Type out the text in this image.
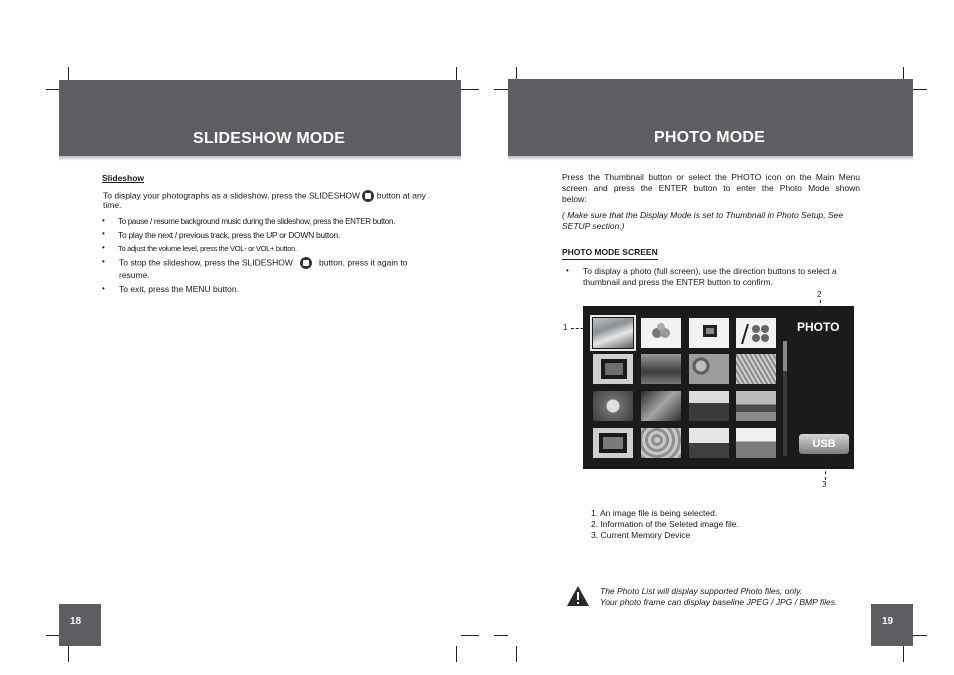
SLIDESHOW MODE
Slideshow
To display your photographs as a slideshow, press the SLIDESHOW button at any
time.
• To pause / resume background music during the slideshow, press the ENTER button.
• To play the next / previous track, press the UP or DOWN button.
• To adjust the volume level, press the VOL- or VOL+ button.
• To stop the slideshow, press the SLIDESHOW	button, press it again to
resume.
• To exit, press the MENU button.
18
PHOTO MODE
Press the Thumbnail button or select the PHOTO icon on the Main Menu
screen and press the ENTER button to enter the Photo Mode shown
below:
( Make sure that the Display Mode is set to Thumbnail in Photo Setup, See
SETUP section.)
PHOTO MODE SCREEN
• To display a photo (full screen), use the direction buttons to select a
thumbnail and press the ENTER button to confirm.
2
1	PHOTO
USB
3
1. An image file is being selected.
2. Information of the Seleted image file.
3. Current Memory Device
The Photo List will display supported Photo files, only.
Your photo frame can display baseline JPEG / JPG / BMP files.
19
